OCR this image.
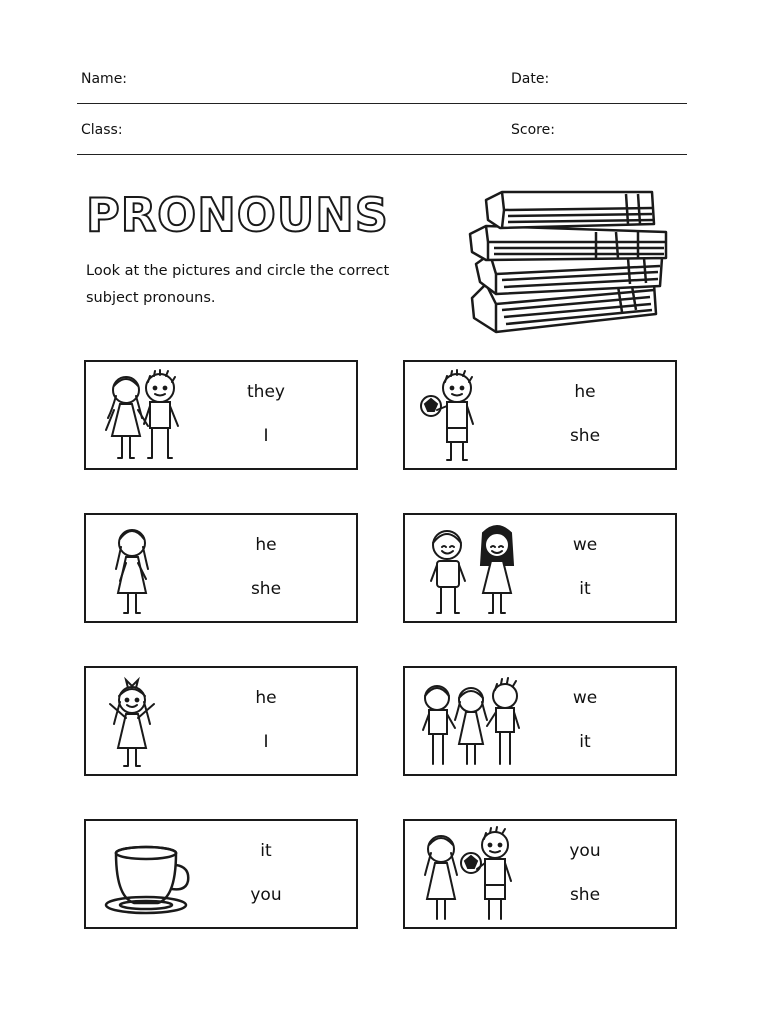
Name:	Date:
Class:	Score:
PRONOUNS

Look at the pictures and circle the correct subject pronouns.

they
I
he
she
he
she
we
it
he
I
we
it
it
you
you
she
